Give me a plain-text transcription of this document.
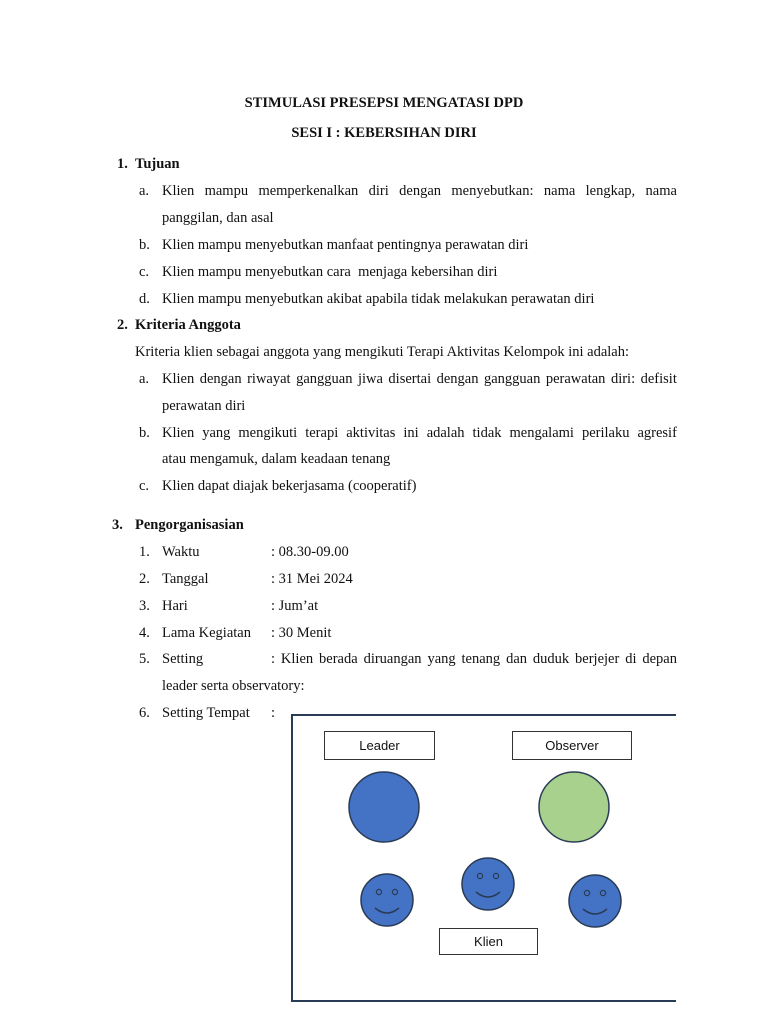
STIMULASI PRESEPSI MENGATASI DPD
SESI I : KEBERSIHAN DIRI
1. Tujuan
a. Klien mampu memperkenalkan diri dengan menyebutkan: nama lengkap, nama
panggilan, dan asal
b. Klien mampu menyebutkan manfaat pentingnya perawatan diri
c. Klien mampu menyebutkan cara  menjaga kebersihan diri
d. Klien mampu menyebutkan akibat apabila tidak melakukan perawatan diri
2. Kriteria Anggota
Kriteria klien sebagai anggota yang mengikuti Terapi Aktivitas Kelompok ini adalah:
a. Klien dengan riwayat gangguan jiwa disertai dengan gangguan perawatan diri: defisit
perawatan diri
b. Klien yang mengikuti terapi aktivitas ini adalah tidak mengalami perilaku agresif
atau mengamuk, dalam keadaan tenang
c. Klien dapat diajak bekerjasama (cooperatif)
3. Pengorganisasian
1. Waktu	: 08.30-09.00
2. Tanggal	: 31 Mei 2024
3. Hari	: Jum’at
4. Lama Kegiatan : 30 Menit
5. Setting	: Klien berada diruangan yang tenang dan duduk berjejer di depan
leader serta observatory:
6. Setting Tempat :
Leader	Observer
Klien
